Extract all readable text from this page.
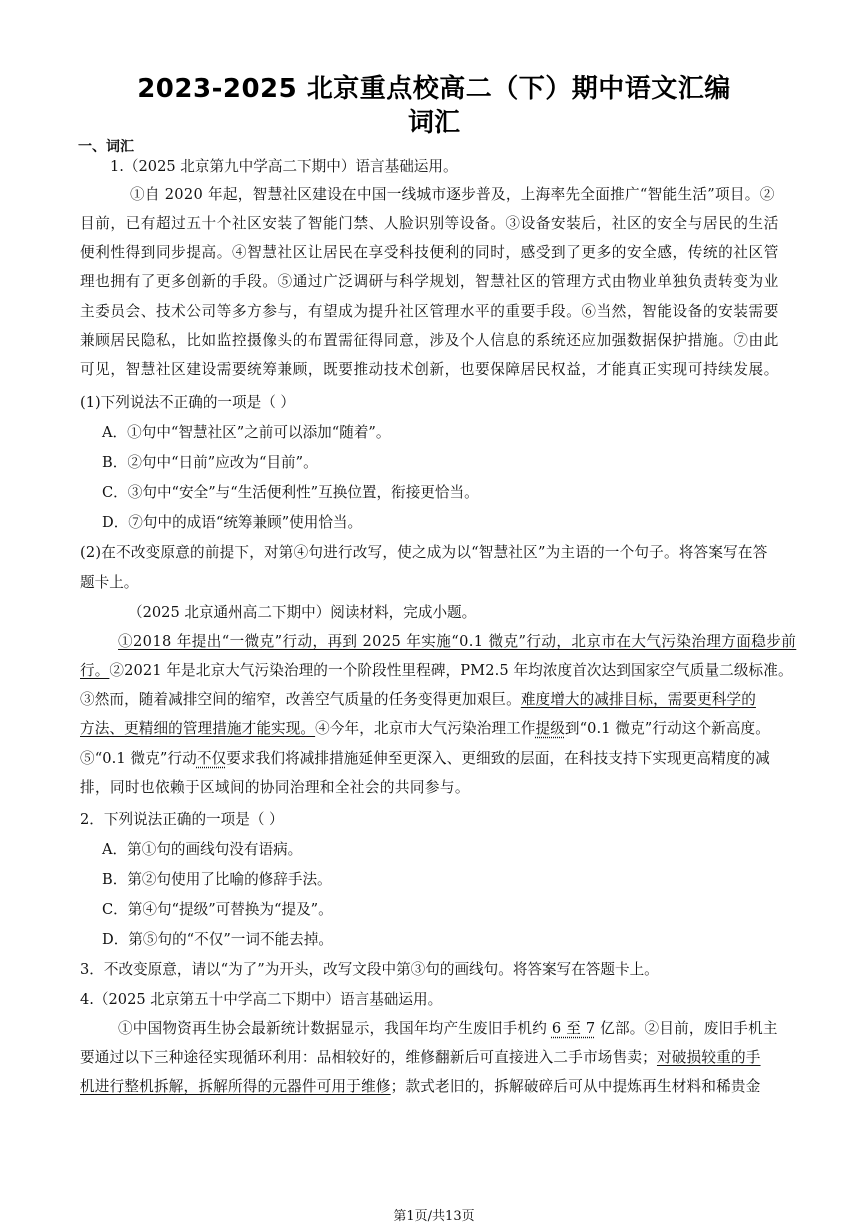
2023-2025 北京重点校高二（下）期中语文汇编
词汇
一、词汇
1.（2025 北京第九中学高二下期中）语言基础运用。
①自 2020 年起，智慧社区建设在中国一线城市逐步普及，上海率先全面推广“智能生活”项目。②
目前，已有超过五十个社区安装了智能门禁、人脸识别等设备。③设备安装后，社区的安全与居民的生活
便利性得到同步提高。④智慧社区让居民在享受科技便利的同时，感受到了更多的安全感，传统的社区管
理也拥有了更多创新的手段。⑤通过广泛调研与科学规划，智慧社区的管理方式由物业单独负责转变为业
主委员会、技术公司等多方参与，有望成为提升社区管理水平的重要手段。⑥当然，智能设备的安装需要
兼顾居民隐私，比如监控摄像头的布置需征得同意，涉及个人信息的系统还应加强数据保护措施。⑦由此
可见，智慧社区建设需要统筹兼顾，既要推动技术创新，也要保障居民权益，才能真正实现可持续发展。
(1)下列说法不正确的一项是（ ）
A．①句中“智慧社区”之前可以添加“随着”。
B．②句中“日前”应改为“目前”。
C．③句中“安全”与“生活便利性”互换位置，衔接更恰当。
D．⑦句中的成语“统筹兼顾”使用恰当。
(2)在不改变原意的前提下，对第④句进行改写，使之成为以“智慧社区”为主语的一个句子。将答案写在答
题卡上。
（2025 北京通州高二下期中）阅读材料，完成小题。
①2018 年提出“一微克”行动，再到 2025 年实施“0.1 微克”行动，北京市在大气污染治理方面稳步前
行。②2021 年是北京大气污染治理的一个阶段性里程碑，PM2.5 年均浓度首次达到国家空气质量二级标准。
③然而，随着减排空间的缩窄，改善空气质量的任务变得更加艰巨。难度增大的减排目标，需要更科学的
方法、更精细的管理措施才能实现。④今年，北京市大气污染治理工作提级到“0.1 微克”行动这个新高度。
⑤“0.1 微克”行动不仅要求我们将减排措施延伸至更深入、更细致的层面，在科技支持下实现更高精度的减
排，同时也依赖于区域间的协同治理和全社会的共同参与。
2．下列说法正确的一项是（ ）
A．第①句的画线句没有语病。
B．第②句使用了比喻的修辞手法。
C．第④句“提级”可替换为“提及”。
D．第⑤句的“不仅”一词不能去掉。
3．不改变原意，请以“为了”为开头，改写文段中第③句的画线句。将答案写在答题卡上。
4.（2025 北京第五十中学高二下期中）语言基础运用。
①中国物资再生协会最新统计数据显示，我国年均产生废旧手机约 6 至 7 亿部。②目前，废旧手机主
要通过以下三种途径实现循环利用：品相较好的，维修翻新后可直接进入二手市场售卖；对破损较重的手
机进行整机拆解，拆解所得的元器件可用于维修；款式老旧的，拆解破碎后可从中提炼再生材料和稀贵金
第1页/共13页
